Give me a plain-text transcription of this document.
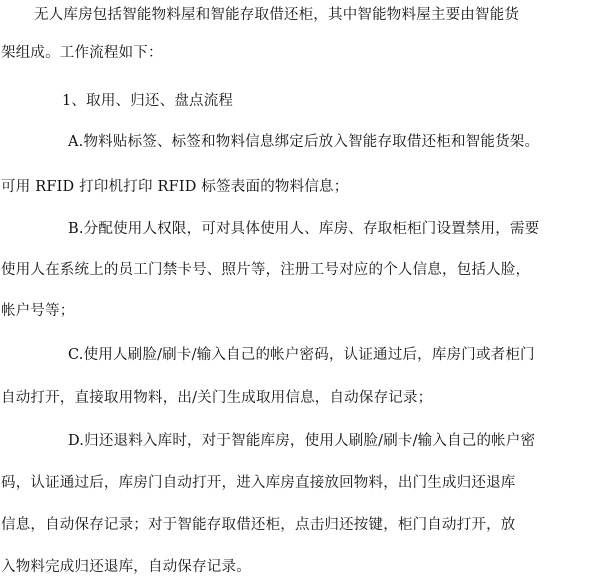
无人库房包括智能物料屋和智能存取借还柜，其中智能物料屋主要由智能货
架组成。工作流程如下：
1、取用、归还、盘点流程
A.物料贴标签、标签和物料信息绑定后放入智能存取借还柜和智能货架。
可用 RFID 打印机打印 RFID 标签表面的物料信息；
B.分配使用人权限，可对具体使用人、库房、存取柜柜门设置禁用，需要
使用人在系统上的员工门禁卡号、照片等，注册工号对应的个人信息，包括人脸，
帐户号等；
C.使用人刷脸/刷卡/输入自己的帐户密码，认证通过后，库房门或者柜门
自动打开，直接取用物料，出/关门生成取用信息，自动保存记录；
D.归还退料入库时，对于智能库房，使用人刷脸/刷卡/输入自己的帐户密
码，认证通过后，库房门自动打开，进入库房直接放回物料，出门生成归还退库
信息，自动保存记录；对于智能存取借还柜，点击归还按键，柜门自动打开，放
入物料完成归还退库，自动保存记录。
